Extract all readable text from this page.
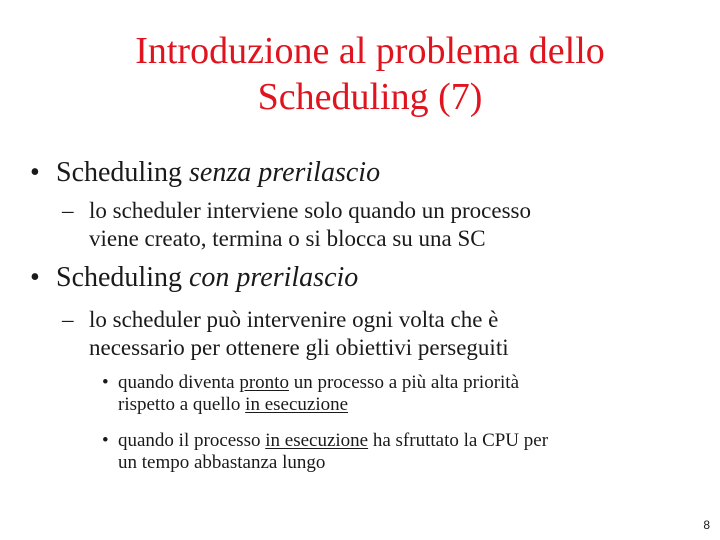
Introduzione al problema dello
Scheduling (7)
• Scheduling senza prerilascio
– lo scheduler interviene solo quando un processo
viene creato, termina o si blocca su una SC
• Scheduling con prerilascio
– lo scheduler può intervenire ogni volta che è
necessario per ottenere gli obiettivi perseguiti
• quando diventa pronto un processo a più alta priorità
rispetto a quello in esecuzione
• quando il processo in esecuzione ha sfruttato la CPU per
un tempo abbastanza lungo
8
